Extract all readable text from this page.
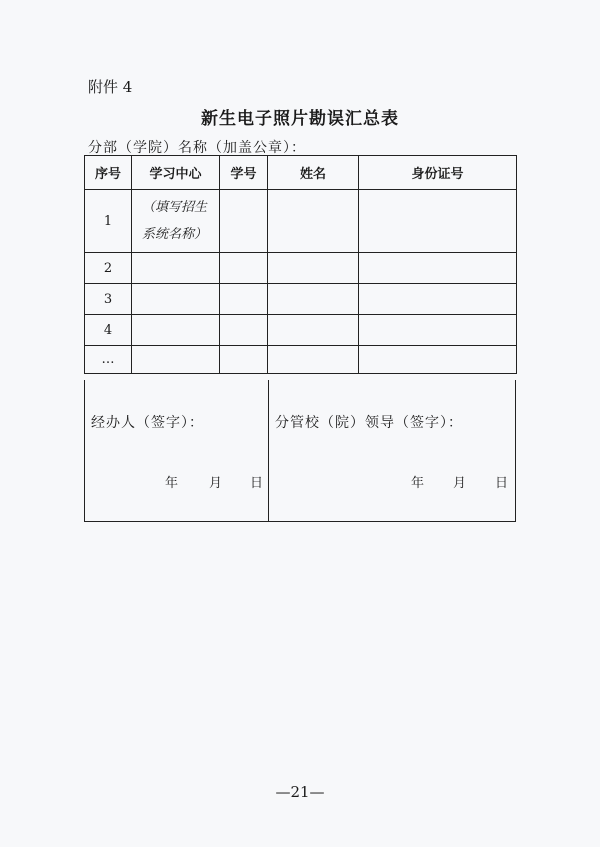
附件 4
新生电子照片勘误汇总表
分部（学院）名称（加盖公章）：
序号	学习中心	学号	姓名	身份证号
1	（填写招生
系统名称）			

2				
3				
4				
…				
经办人（签字）：	分管校（院）领导（签字）：
年 月 日	年 月 日
—21—
